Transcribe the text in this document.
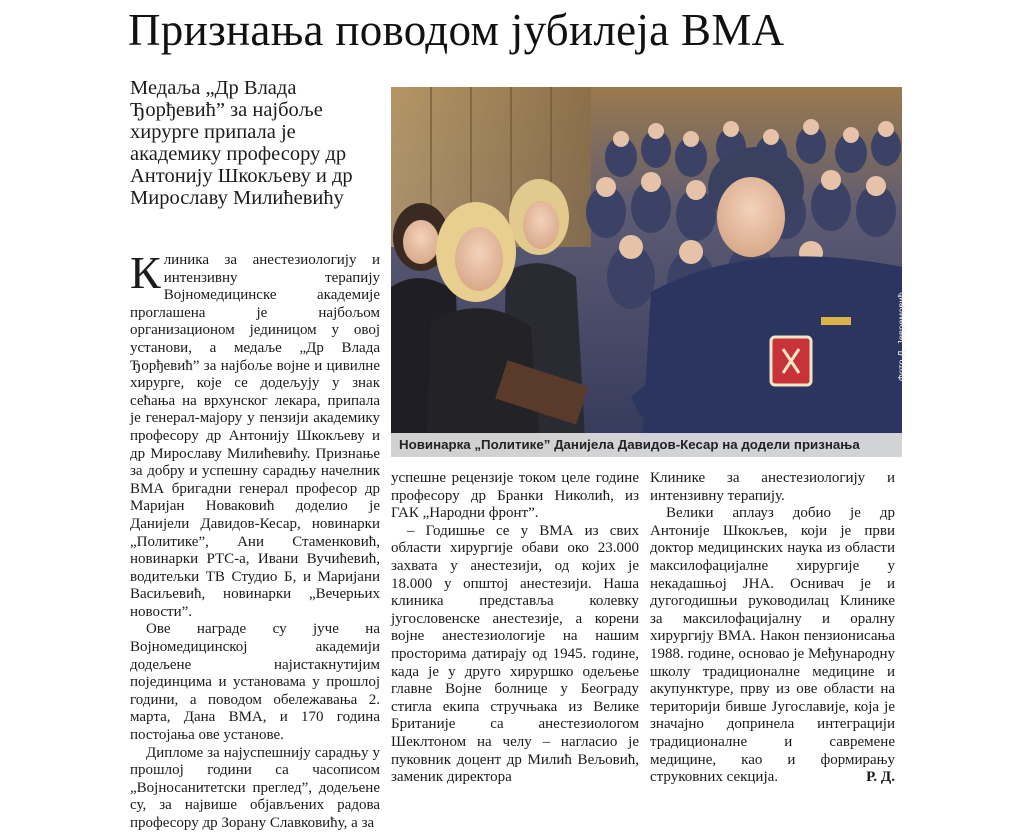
Признања поводом јубилеја ВМА

Медаља „Др Влада Ђорђевић” за најбоље хирурге припала је академику професору др Антонију Шкокљеву и др Мирославу Милићевићу

Фото Д. Јевремовић
Новинарка „Политике” Данијела Давидов-Кесар на додели признања

Клиника за анестезиологију и интензивну терапију Војномедицинске академије проглашена је најбољом организационом јединицом у овој установи, а медаље „Др Влада Ђорђевић” за најбоље војне и цивилне хирурге, које се додељују у знак сећања на врхунског лекара, припала је генерал-мајору у пензији академику професору др Антонију Шкокљеву и др Мирославу Милићевићу. Признање за добру и успешну сарадњу начелник ВМА бригадни генерал професор др Маријан Новаковић доделио је Данијели Давидов-Кесар, новинарки „Политике”, Ани Стаменковић, новинарки РТС-а, Ивани Вучићевић, водитељки ТВ Студио Б, и Маријани Васиљевић, новинарки „Вечерњих новости”.

Ове награде су јуче на Војномедицинској академији додељене најистакнутијим појединцима и установама у прошлој години, а поводом обележавања 2. марта, Дана ВМА, и 170 година постојања ове установе.

Дипломе за најуспешнију сарадњу у прошлој години са часописом „Војносанитетски преглед”, додељене су, за највише објављених радова професору др Зорану Славковићу, а за

успешне рецензије током целе године професору др Бранки Николић, из ГАК „Народни фронт”.

– Годишње се у ВМА из свих области хирургије обави око 23.000 захвата у анестезији, од којих је 18.000 у општој анестезији. Наша клиника представља колевку југословенске анестезије, а корени војне анестезиологије на нашим просторима датирају од 1945. године, када је у другo хируршко одељење главне Војне болнице у Београду стигла екипа стручњака из Велике Британије са анестезиологом Шеклтоном на челу – нагласио је пуковник доцент др Милић Вељовић, заменик директора

Клинике за анестезиологију и интензивну терапију.

Велики аплауз добио је др Антоније Шкокљев, који је први доктор медицинских наука из области максилофацијалне хирургије у некадашњој ЈНА. Оснивач је и дугогодишњи руководилац Клинике за максилофацијалну и оралну хирургију ВМА. Након пензионисања 1988. године, основао је Међународну школу традиционалне медицине и акупунктуре, прву из ове области на територији бивше Југославије, која је значајно допринела интеграцији традиционалне и савремене медицине, као и формирању струковних секција.	Р. Д.
